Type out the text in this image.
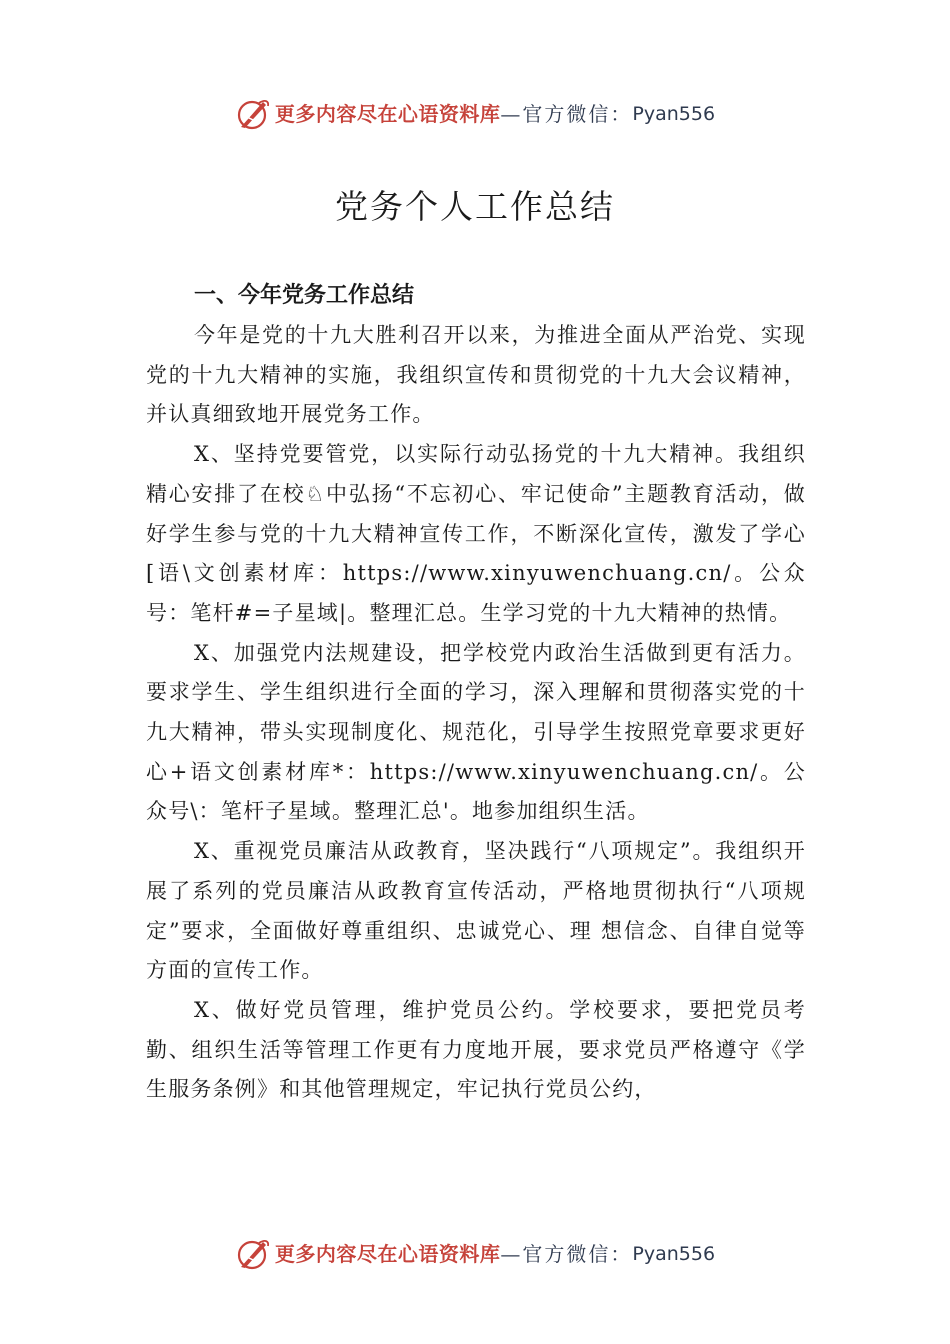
更多内容尽在心语资料库 —官方微信： Pyan556
党务个人工作总结

一、今年党务工作总结

今年是党的十九大胜利召开以来，为推进全面从严治党、实现党的十九大精神的实施，我组织宣传和贯彻党的十九大会议精神，并认真细致地开展党务工作。

X、坚持党要管党，以实际行动弘扬党的十九大精神。我组织精心安排了在校♘中弘扬“不忘初心、牢记使命”主题教育活动，做好学生参与党的十九大精神宣传工作，不断深化宣传，激发了学心[语\文创素材库：https://www.xinyuwenchuang.cn/。公众号：笔杆#=子星域|。整理汇总。生学习党的十九大精神的热情。

X、加强党内法规建设，把学校党内政治生活做到更有活力。要求学生、学生组织进行全面的学习，深入理解和贯彻落实党的十九大精神，带头实现制度化、规范化，引导学生按照党章要求更好心+语文创素材库*：https://www.xinyuwenchuang.cn/。公众号\：笔杆子星域。整理汇总'。地参加组织生活。

X、重视党员廉洁从政教育，坚决践行“八项规定”。我组织开展了系列的党员廉洁从政教育宣传活动，严格地贯彻执行“八项规定”要求，全面做好尊重组织、忠诚党心、理 想信念、自律自觉等方面的宣传工作。

X、做好党员管理，维护党员公约。学校要求，要把党员考勤、组织生活等管理工作更有力度地开展，要求党员严格遵守《学生服务条例》和其他管理规定，牢记执行党员公约，

更多内容尽在心语资料库 —官方微信： Pyan556
